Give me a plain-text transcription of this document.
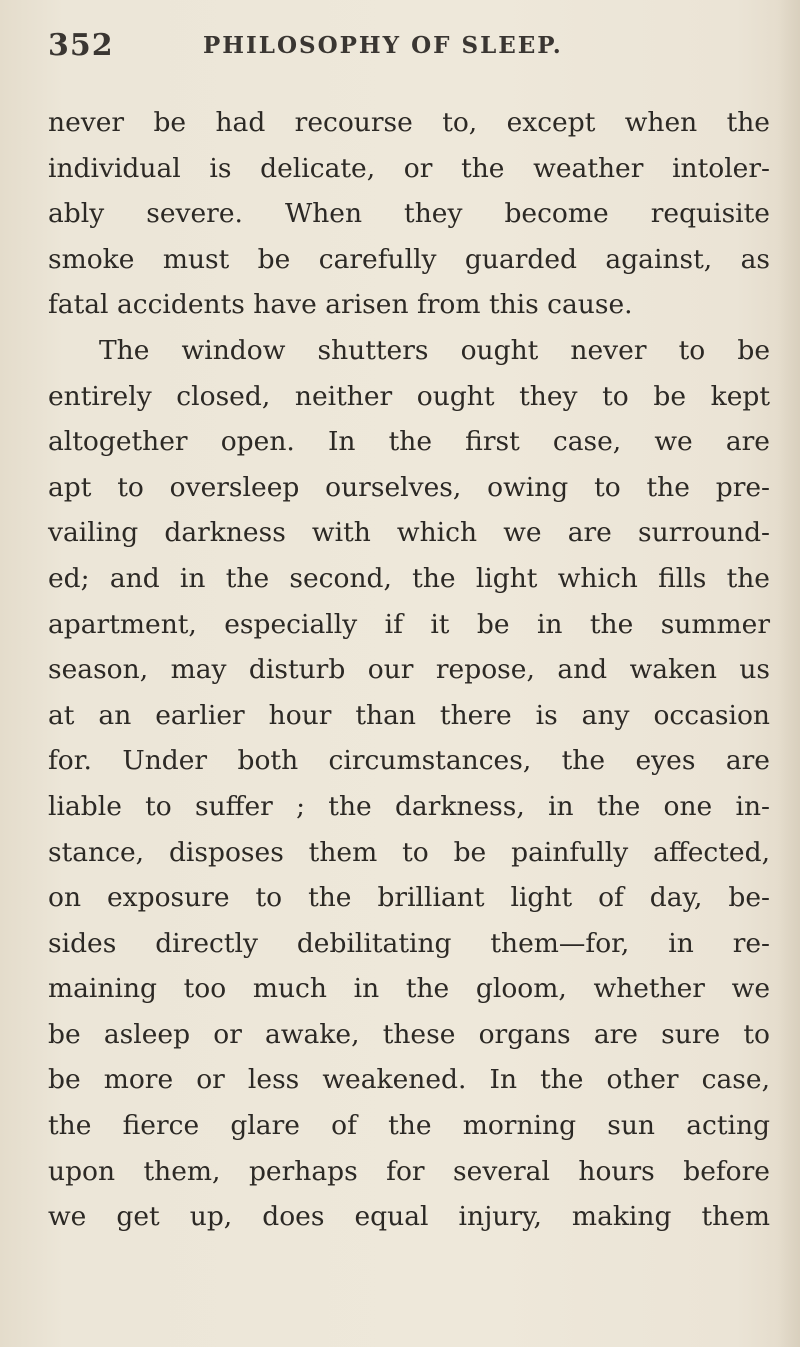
352	PHILOSOPHY OF SLEEP.
never be had recourse to, except when the
individual is delicate, or the weather intoler-
ably severe. When they become requisite
smoke must be carefully guarded against, as
fatal accidents have arisen from this cause.
The window shutters ought never to be
entirely closed, neither ought they to be kept
altogether open. In the first case, we are
apt to oversleep ourselves, owing to the pre-
vailing darkness with which we are surround-
ed; and in the second, the light which fills the
apartment, especially if it be in the summer
season, may disturb our repose, and waken us
at an earlier hour than there is any occasion
for. Under both circumstances, the eyes are
liable to suffer ; the darkness, in the one in-
stance, disposes them to be painfully affected,
on exposure to the brilliant light of day, be-
sides directly debilitating them—for, in re-
maining too much in the gloom, whether we
be asleep or awake, these organs are sure to
be more or less weakened. In the other case,
the fierce glare of the morning sun acting
upon them, perhaps for several hours before
we get up, does equal injury, making them
